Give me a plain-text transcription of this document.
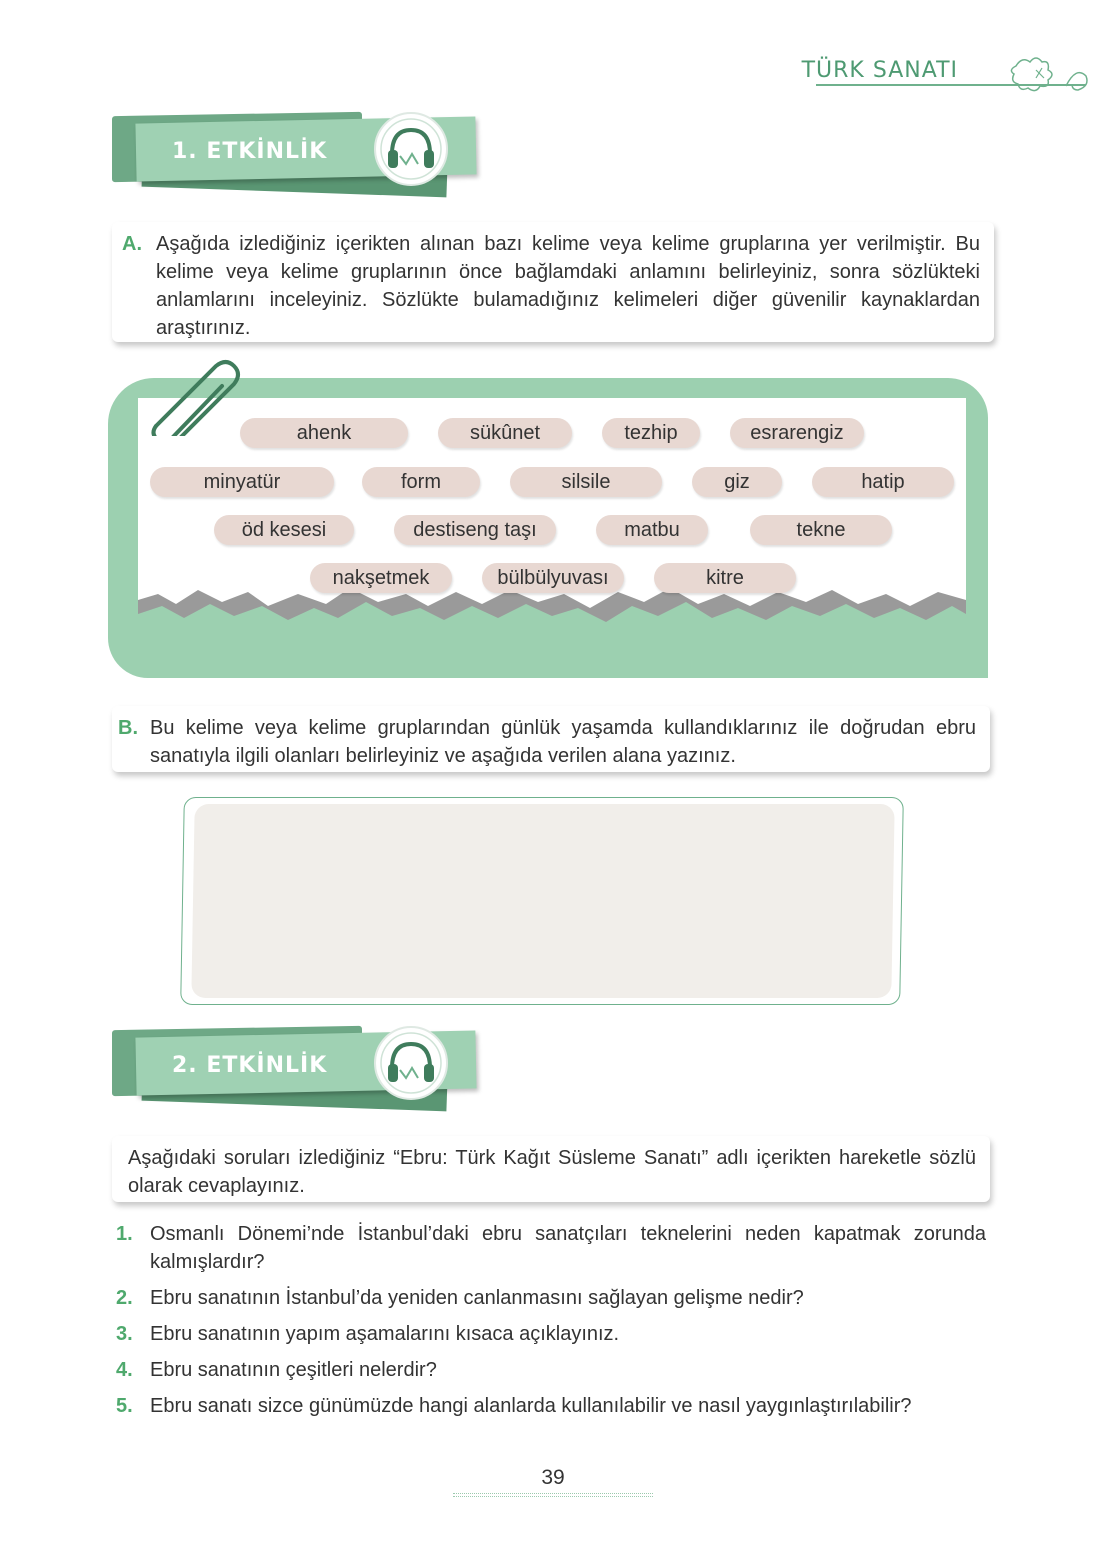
TÜRK SANATI
1. ETKİNLİK
A. Aşağıda izlediğiniz içerikten alınan bazı kelime veya kelime gruplarına yer verilmiştir. Bu kelime veya kelime gruplarının önce bağlamdaki anlamını belirleyiniz, sonra sözlükteki anlamlarını inceleyiniz. Sözlükte bulamadığınız kelimeleri diğer güvenilir kaynaklardan araştırınız.

ahenk	sükûnet	tezhip	esrarengiz
minyatür	form	silsile	giz	hatip
öd kesesi	destiseng taşı	matbu	tekne
nakşetmek	bülbülyuvası	kitre
B. Bu kelime veya kelime gruplarından günlük yaşamda kullandıklarınız ile doğrudan ebru sanatıyla ilgili olanları belirleyiniz ve aşağıda verilen alana yazınız.

2. ETKİNLİK

Aşağıdaki soruları izlediğiniz “Ebru: Türk Kağıt Süsleme Sanatı” adlı içerikten hareketle sözlü olarak cevaplayınız.

1. Osmanlı Dönemi’nde İstanbul’daki ebru sanatçıları teknelerini neden kapatmak zorunda kalmışlardır?
2. Ebru sanatının İstanbul’da yeniden canlanmasını sağlayan gelişme nedir?
3. Ebru sanatının yapım aşamalarını kısaca açıklayınız.
4. Ebru sanatının çeşitleri nelerdir?
5. Ebru sanatı sizce günümüzde hangi alanlarda kullanılabilir ve nasıl yaygınlaştırılabilir?
39
